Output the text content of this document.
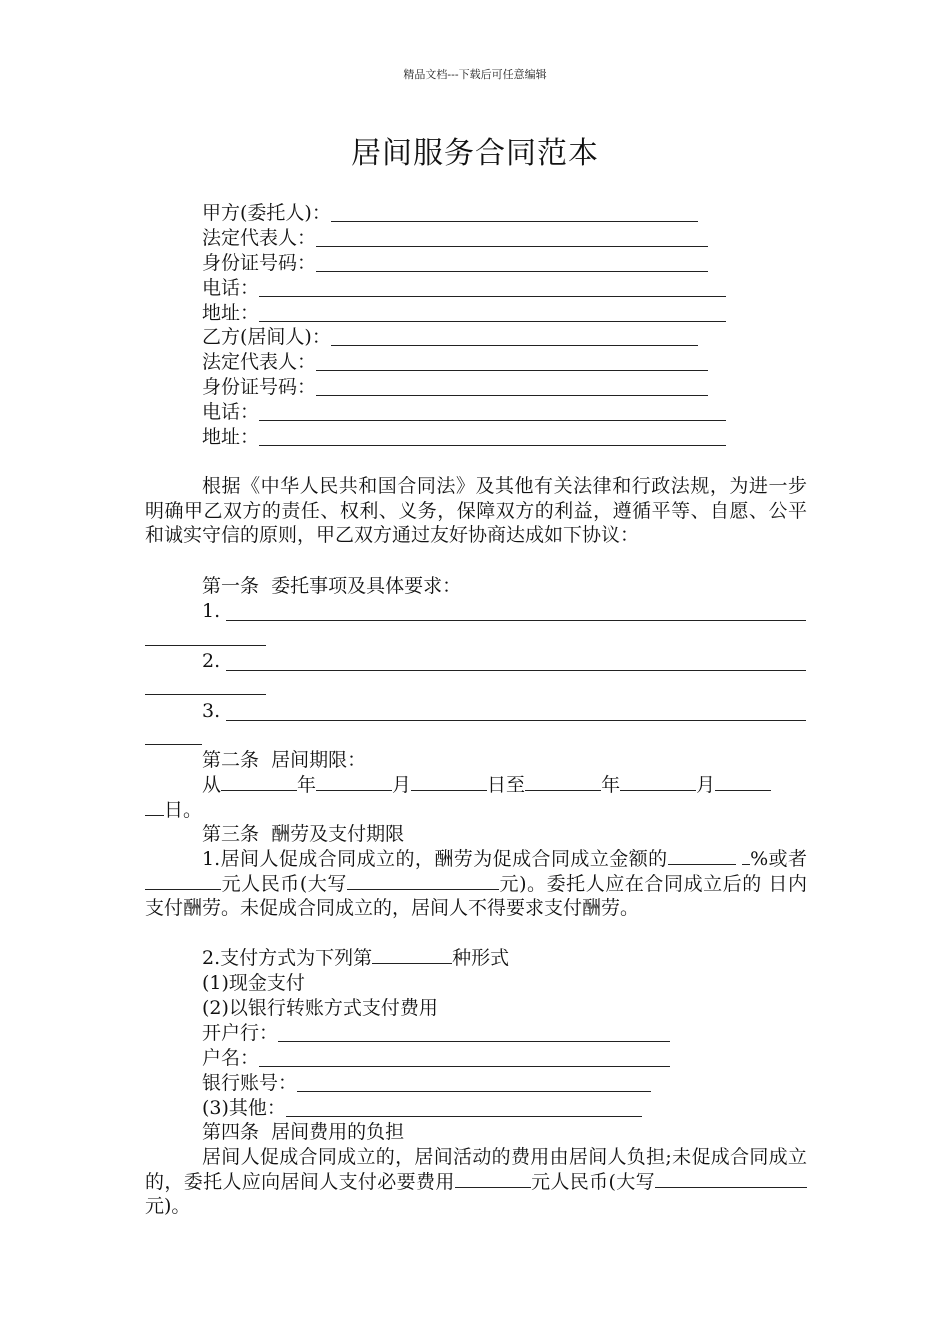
精品文档---下载后可任意编辑
居间服务合同范本
甲方(委托人)：
法定代表人：
身份证号码：
电话：
地址：
乙方(居间人)：
法定代表人：
身份证号码：
电话：
地址：
根据《中华人民共和国合同法》及其他有关法律和行政法规，为进一步明确甲乙双方的责任、权利、义务，保障双方的利益，遵循平等、自愿、公平和诚实守信的原则，甲乙双方通过友好协商达成如下协议：
第一条  委托事项及具体要求：
1.
2.
3.
第二条  居间期限：
从	年	月	日至	年	月
日。
第三条  酬劳及支付期限
1.居间人促成合同成立的，酬劳为促成合同成立金额的	%或者元人民币(大写	元)。委托人应在合同成立后的 日内支付酬劳。未促成合同成立的，居间人不得要求支付酬劳。
2.支付方式为下列第	种形式
(1)现金支付
(2)以银行转账方式支付费用
开户行：
户名：
银行账号：
(3)其他：
第四条  居间费用的负担
居间人促成合同成立的，居间活动的费用由居间人负担;未促成合同成立的，委托人应向居间人支付必要费用	元人民币(大写元)。
